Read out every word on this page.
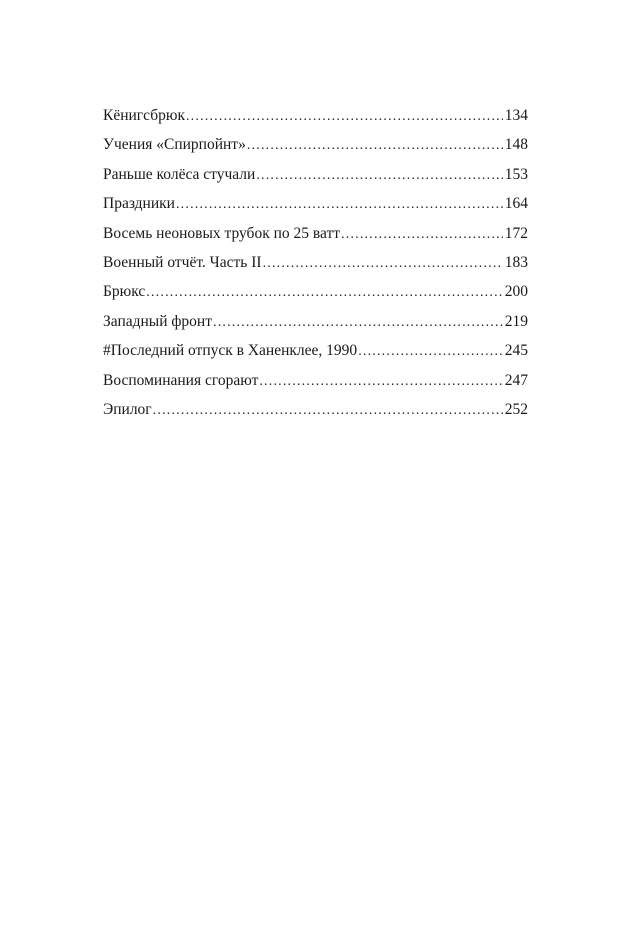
Кёнигсбрюк .....	134
Учения «Спирпойнт» .....	148
Раньше колёса стучали .....	153
Праздники .....	164
Восемь неоновых трубок по 25 ватт .....	172
Военный отчёт. Часть II .....	183
Брюкс .....	200
Западный фронт .....	219
#Последний отпуск в Ханенклее, 1990 .....	245
Воспоминания сгорают .....	247
Эпилог .....	252
